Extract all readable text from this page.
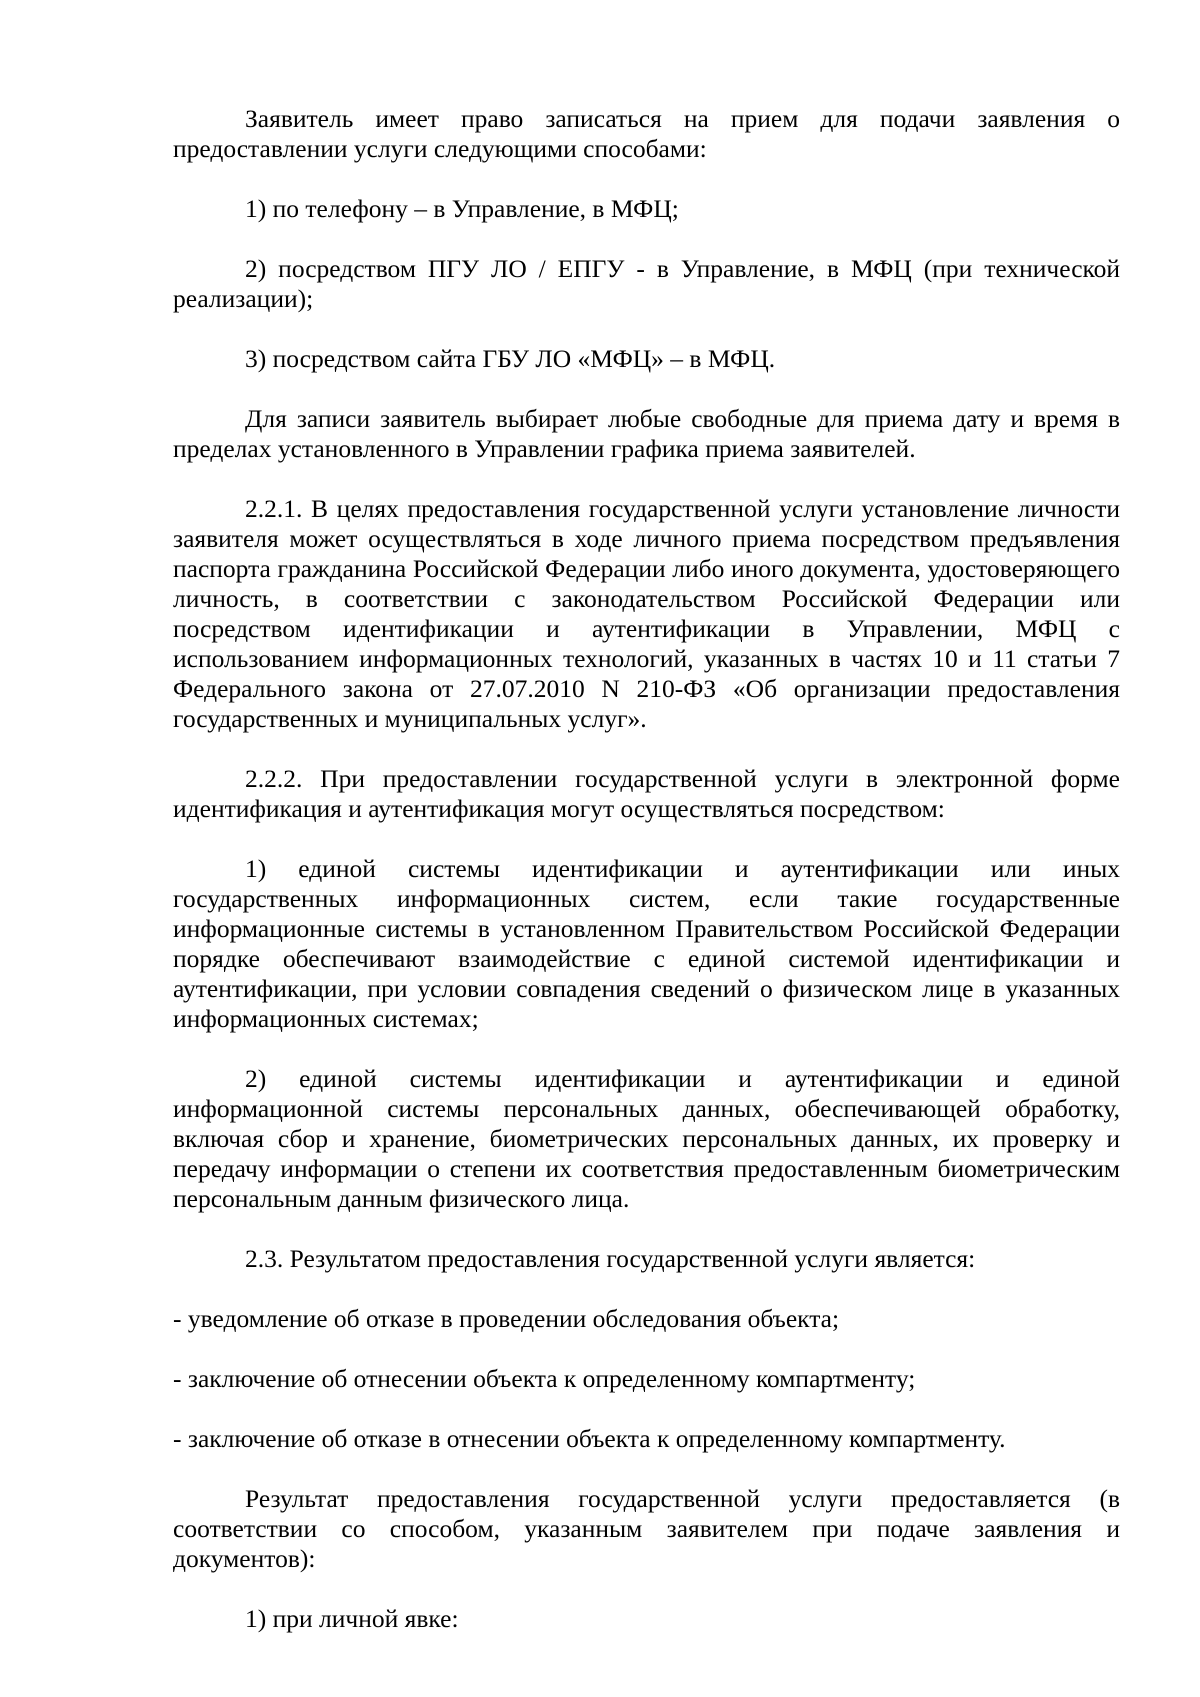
Заявитель имеет право записаться на прием для подачи заявления о предоставлении услуги следующими способами:

1) по телефону – в Управление, в МФЦ;

2) посредством ПГУ ЛО / ЕПГУ - в Управление, в МФЦ (при технической реализации);

3) посредством сайта ГБУ ЛО «МФЦ» – в МФЦ.

Для записи заявитель выбирает любые свободные для приема дату и время в пределах установленного в Управлении графика приема заявителей.

2.2.1. В целях предоставления государственной услуги установление личности заявителя может осуществляться в ходе личного приема посредством предъявления паспорта гражданина Российской Федерации либо иного документа, удостоверяющего личность, в соответствии с законодательством Российской Федерации или посредством идентификации и аутентификации в Управлении, МФЦ с использованием информационных технологий, указанных в частях 10 и 11 статьи 7 Федерального закона от 27.07.2010 N 210-ФЗ «Об организации предоставления государственных и муниципальных услуг».

2.2.2. При предоставлении государственной услуги в электронной форме идентификация и аутентификация могут осуществляться посредством:

1) единой системы идентификации и аутентификации или иных государственных информационных систем, если такие государственные информационные системы в установленном Правительством Российской Федерации порядке обеспечивают взаимодействие с единой системой идентификации и аутентификации, при условии совпадения сведений о физическом лице в указанных информационных системах;

2) единой системы идентификации и аутентификации и единой информационной системы персональных данных, обеспечивающей обработку, включая сбор и хранение, биометрических персональных данных, их проверку и передачу информации о степени их соответствия предоставленным биометрическим персональным данным физического лица.

2.3. Результатом предоставления государственной услуги является:

- уведомление об отказе в проведении обследования объекта;

- заключение об отнесении объекта к определенному компартменту;

- заключение об отказе в отнесении объекта к определенному компартменту.

Результат предоставления государственной услуги предоставляется (в соответствии со способом, указанным заявителем при подаче заявления и документов):

1) при личной явке:
